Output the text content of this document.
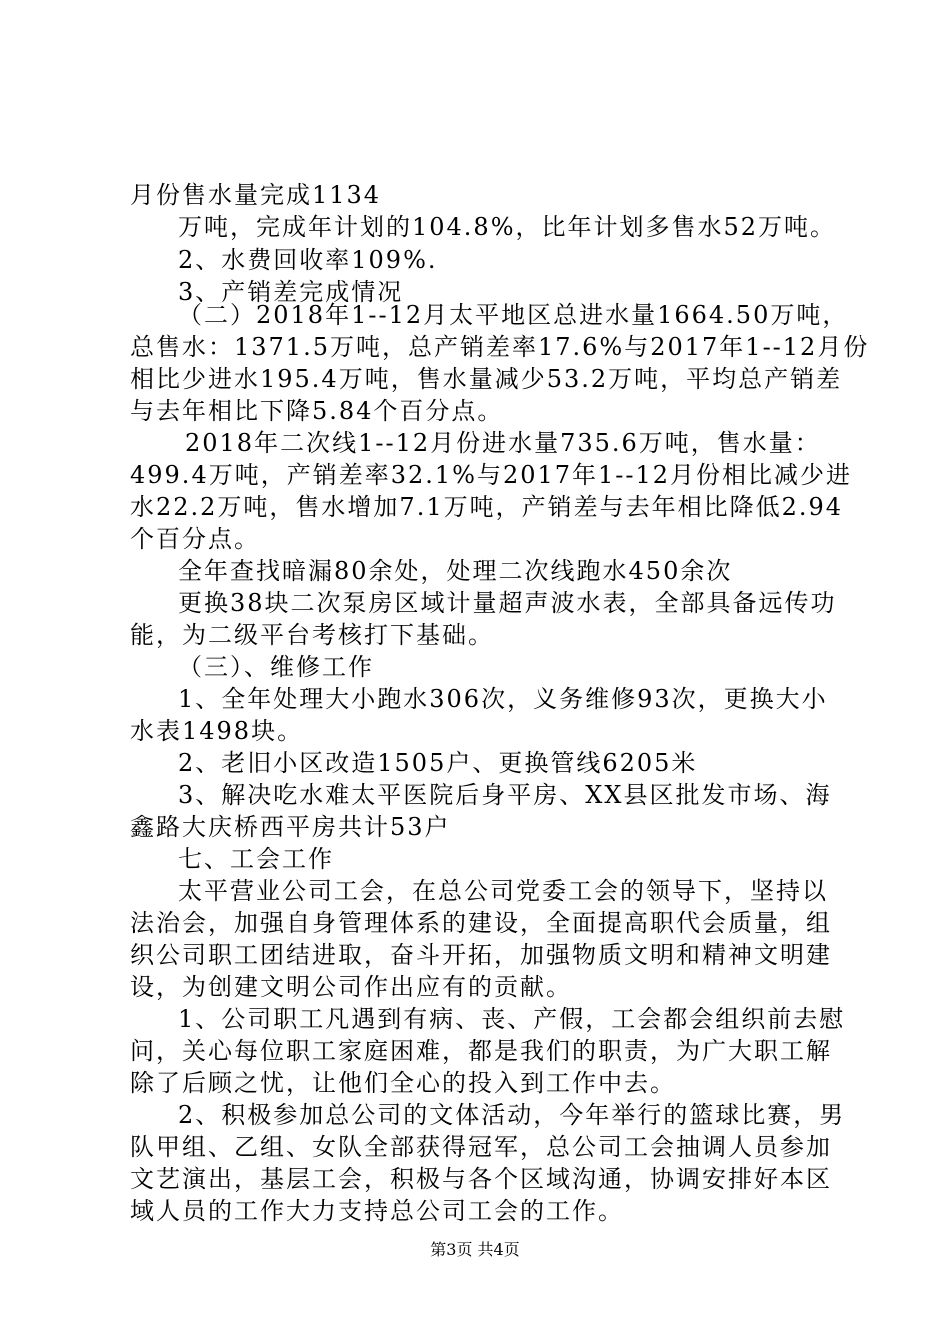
月份售水量完成1134
万吨，完成年计划的104.8%，比年计划多售水52万吨。
2、水费回收率109%.
3、产销差完成情况
（二）2018年1--12月太平地区总进水量1664.50万吨，
总售水：1371.5万吨，总产销差率17.6%与2017年1--12月份
相比少进水195.4万吨，售水量减少53.2万吨，平均总产销差
与去年相比下降5.84个百分点。
2018年二次线1--12月份进水量735.6万吨，售水量：
499.4万吨，产销差率32.1%与2017年1--12月份相比减少进
水22.2万吨，售水增加7.1万吨，产销差与去年相比降低2.94
个百分点。
全年查找暗漏80余处，处理二次线跑水450余次
更换38块二次泵房区域计量超声波水表，全部具备远传功
能，为二级平台考核打下基础。
（三）、维修工作
1、全年处理大小跑水306次，义务维修93次，更换大小
水表1498块。
2、老旧小区改造1505户、更换管线6205米
3、解决吃水难太平医院后身平房、XX县区批发市场、海
鑫路大庆桥西平房共计53户
七、工会工作
太平营业公司工会，在总公司党委工会的领导下，坚持以
法治会，加强自身管理体系的建设，全面提高职代会质量，组
织公司职工团结进取，奋斗开拓，加强物质文明和精神文明建
设，为创建文明公司作出应有的贡献。
1、公司职工凡遇到有病、丧、产假，工会都会组织前去慰
问，关心每位职工家庭困难，都是我们的职责，为广大职工解
除了后顾之忧，让他们全心的投入到工作中去。
2、积极参加总公司的文体活动，今年举行的篮球比赛，男
队甲组、乙组、女队全部获得冠军，总公司工会抽调人员参加
文艺演出，基层工会，积极与各个区域沟通，协调安排好本区
域人员的工作大力支持总公司工会的工作。
第3页 共4页
